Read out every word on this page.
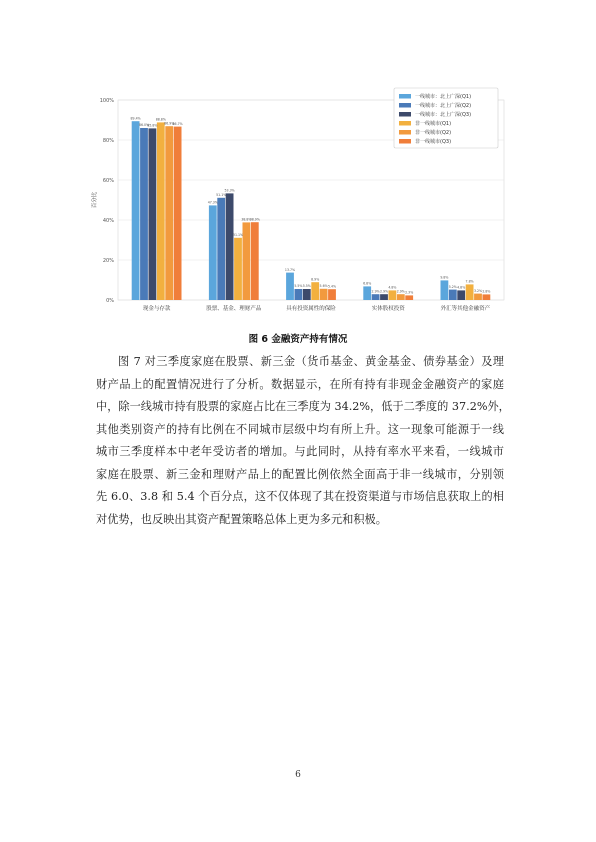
89.4%
86.0%
85.8%
88.8%
86.9%
86.7%
47.3%
51.1%
53.3%
31.1%
38.8%
38.9%
13.7%
5.5% 5.5%
8.9%
5.6% 5.4%
6.8%
2.9% 2.9%
4.8%
2.9% 2.3%
9.8%
5.2% 4.8%
7.8%
3.2% 2.8%
0%
20%
40%
60%
80%
100%
百分比
现金与存款	股票、基金、理财产品	具有投资属性的保险	实体股权投资	外汇等其他金融资产
一线城市：北上广深(Q1)
一线城市：北上广深(Q2)
一线城市：北上广深(Q3)
非一线城市(Q1)
非一线城市(Q2)
非一线城市(Q3)
图 6 金融资产持有情况

图 7 对三季度家庭在股票、新三金（货币基金、黄金基金、债券基金）及理
财产品上的配置情况进行了分析。数据显示，在所有持有非现金金融资产的家庭
中，除一线城市持有股票的家庭占比在三季度为 34.2%，低于二季度的 37.2%外，
其他类别资产的持有比例在不同城市层级中均有所上升。这一现象可能源于一线
城市三季度样本中老年受访者的增加。与此同时，从持有率水平来看，一线城市
家庭在股票、新三金和理财产品上的配置比例依然全面高于非一线城市，分别领
先 6.0、3.8 和 5.4 个百分点，这不仅体现了其在投资渠道与市场信息获取上的相
对优势，也反映出其资产配置策略总体上更为多元和积极。

6
